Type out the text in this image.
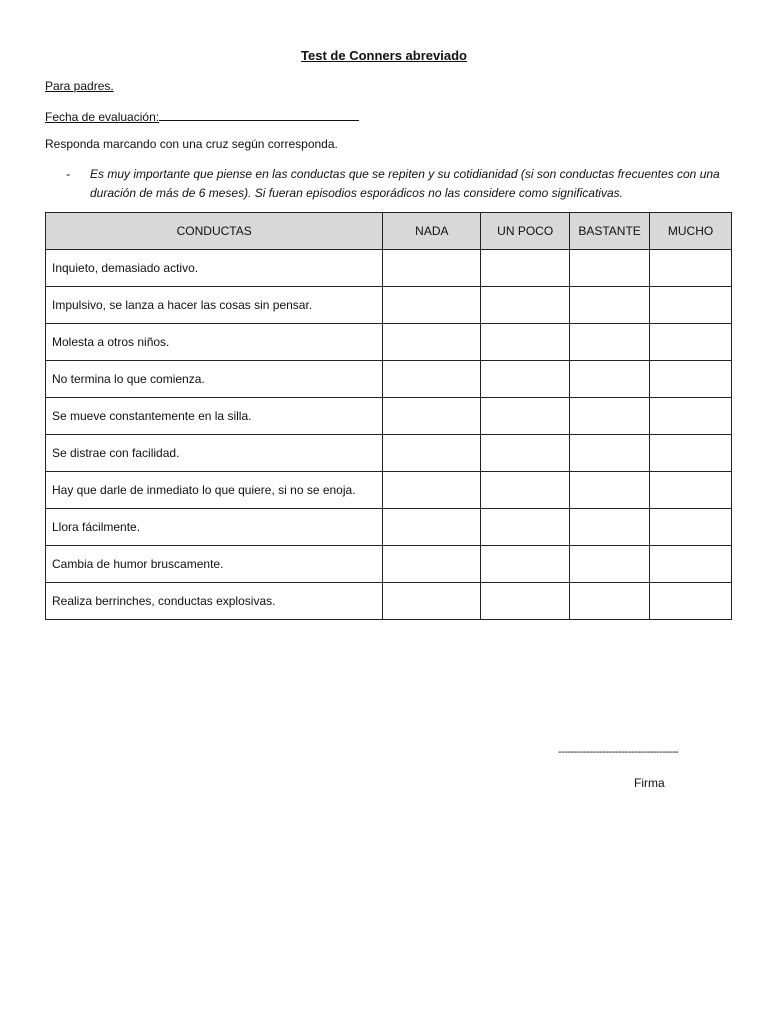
Test de Conners abreviado
Para padres.
Fecha de evaluación:
Responda marcando con una cruz según corresponda.
- Es muy importante que piense en las conductas que se repiten y su cotidianidad (si son conductas frecuentes con una duración de más de 6 meses). Si fueran episodios esporádicos no las considere como significativas.
CONDUCTAS	NADA	UN POCO	BASTANTE	MUCHO
Inquieto, demasiado activo.				
Impulsivo, se lanza a hacer las cosas sin pensar.				
Molesta a otros niños.				
No termina lo que comienza.				
Se mueve constantemente en la silla.				
Se distrae con facilidad.				
Hay que darle de inmediato lo que quiere, si no se enoja.				
Llora fácilmente.				
Cambia de humor bruscamente.				
Realiza berrinches, conductas explosivas.				
--------------------------------------
Firma
